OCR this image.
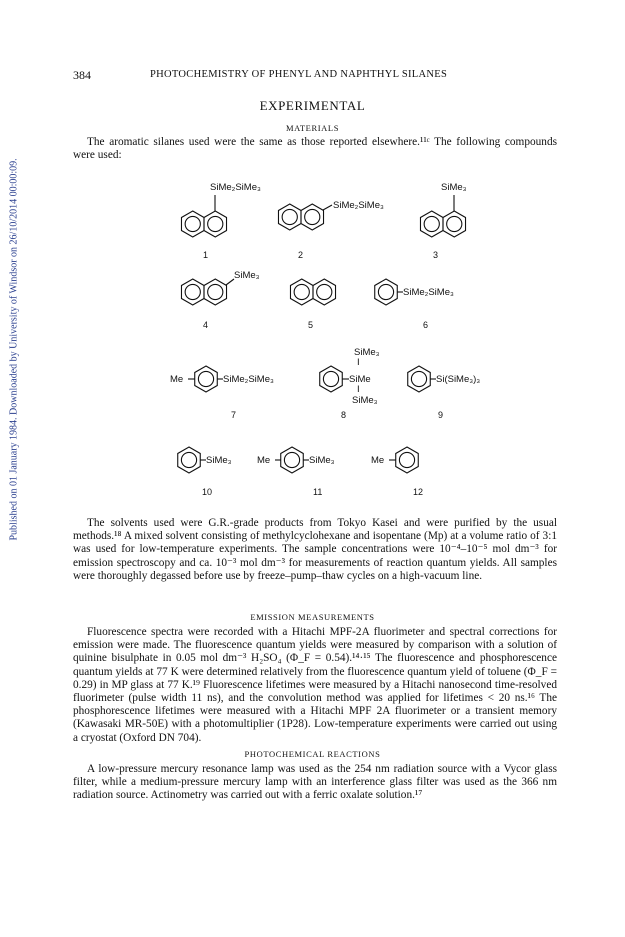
Published on 01 January 1984. Downloaded by University of Windsor on 26/10/2014 00:00:09.
384	PHOTOCHEMISTRY OF PHENYL AND NAPHTHYL SILANES
EXPERIMENTAL
MATERIALS

The aromatic silanes used were the same as those reported elsewhere.¹¹ᶜ The following compounds were used:

SiMe₂SiMe₃
1
SiMe₂SiMe₃
2
SiMe₃
3
SiMe₃
4	5
SiMe₂SiMe₃
6
Me	SiMe₂SiMe₃
7
SiMe₃
I
SiMe
I
SiMe₃
8
Si(SiMe₃)₃
9
SiMe₃
10
Me	SiMe₃
11
Me
12

The solvents used were G.R.-grade products from Tokyo Kasei and were purified by the usual methods.¹⁸ A mixed solvent consisting of methylcyclohexane and isopentane (Mp) at a volume ratio of 3:1 was used for low-temperature experiments. The sample concentrations were 10⁻⁴–10⁻⁵ mol dm⁻³ for emission spectroscopy and ca. 10⁻³ mol dm⁻³ for measurements of reaction quantum yields. All samples were thoroughly degassed before use by freeze–pump–thaw cycles on a high-vacuum line.

EMISSION MEASUREMENTS

Fluorescence spectra were recorded with a Hitachi MPF-2A fluorimeter and spectral corrections for emission were made. The fluorescence quantum yields were measured by comparison with a solution of quinine bisulphate in 0.05 mol dm⁻³ H₂SO₄ (Φ_F = 0.54).¹⁴·¹⁵ The fluorescence and phosphorescence quantum yields at 77 K were determined relatively from the fluorescence quantum yield of toluene (Φ_F = 0.29) in MP glass at 77 K.¹⁹ Fluorescence lifetimes were measured by a Hitachi nanosecond time-resolved fluorimeter (pulse width 11 ns), and the convolution method was applied for lifetimes < 20 ns.¹⁶ The phosphorescence lifetimes were measured with a Hitachi MPF 2A fluorimeter or a transient memory (Kawasaki MR-50E) with a photomultiplier (1P28). Low-temperature experiments were carried out using a cryostat (Oxford DN 704).

PHOTOCHEMICAL REACTIONS

A low-pressure mercury resonance lamp was used as the 254 nm radiation source with a Vycor glass filter, while a medium-pressure mercury lamp with an interference glass filter was used as the 366 nm radiation source. Actinometry was carried out with a ferric oxalate solution.¹⁷
